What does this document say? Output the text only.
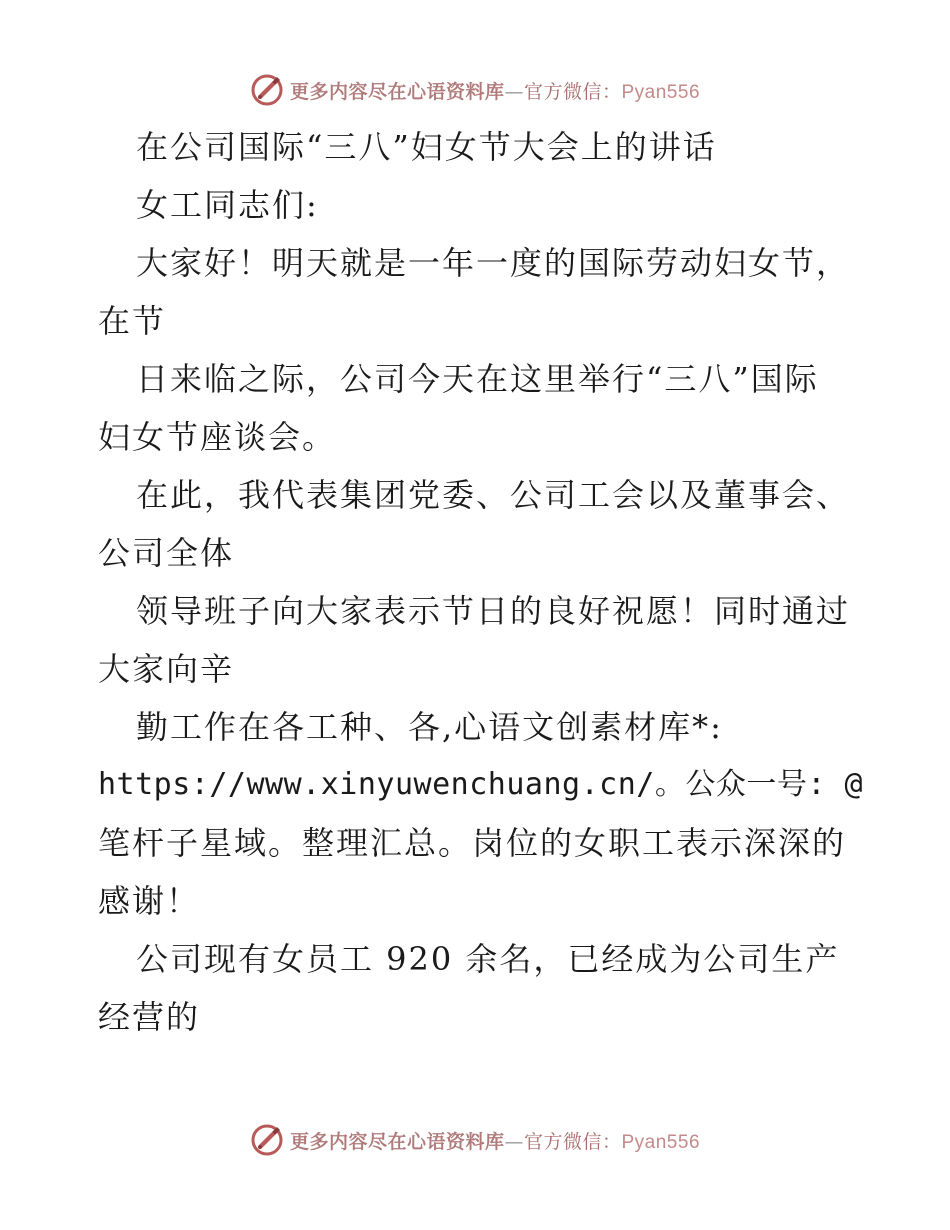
更多内容尽在心语资料库—官方微信：Pyan556
在公司国际“三八”妇女节大会上的讲话
女工同志们:
大家好！明天就是一年一度的国际劳动妇女节，
在节
日来临之际，公司今天在这里举行“三八”国际
妇女节座谈会。
在此，我代表集团党委、公司工会以及董事会、
公司全体
领导班子向大家表示节日的良好祝愿！同时通过
大家向辛
勤工作在各工种、各,心语文创素材库*:
https://www.xinyuwenchuang.cn/。公众一号: @
笔杆子星域。整理汇总。岗位的女职工表示深深的
感谢！
公司现有女员工 920 余名，已经成为公司生产
经营的
更多内容尽在心语资料库—官方微信：Pyan556
